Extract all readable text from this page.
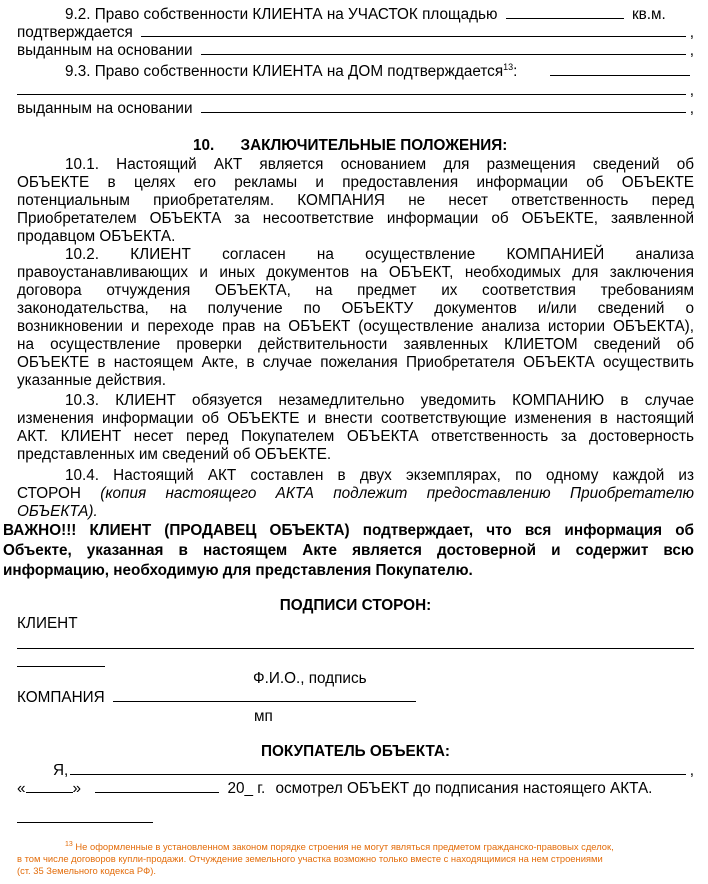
9.2. Право собственности КЛИЕНТА на УЧАСТОК площадью	кв.м.
подтверждается	,
выданным на основании	,
9.3. Право собственности КЛИЕНТА на ДОМ подтверждается$^{13}$:
,
выданным на основании	,
10. ЗАКЛЮЧИТЕЛЬНЫЕ ПОЛОЖЕНИЯ:
10.1. Настоящий АКТ является основанием для размещения сведений об
ОБЪЕКТЕ в целях его рекламы и предоставления информации об ОБЪЕКТЕ
потенциальным приобретателям. КОМПАНИЯ не несет ответственность перед
Приобретателем ОБЪЕКТА за несоответствие информации об ОБЪЕКТЕ, заявленной
продавцом ОБЪЕКТА.
10.2. КЛИЕНТ согласен на осуществление КОМПАНИЕЙ анализа
правоустанавливающих и иных документов на ОБЪЕКТ, необходимых для заключения
договора отчуждения ОБЪЕКТА, на предмет их соответствия требованиям
законодательства, на получение по ОБЪЕКТУ документов и/или сведений о
возникновении и переходе прав на ОБЪЕКТ (осуществление анализа истории ОБЪЕКТА),
на осуществление проверки действительности заявленных КЛИЕТОМ сведений об
ОБЪЕКТЕ в настоящем Акте, в случае пожелания Приобретателя ОБЪЕКТА осуществить
указанные действия.
10.3. КЛИЕНТ обязуется незамедлительно уведомить КОМПАНИЮ в случае
изменения информации об ОБЪЕКТЕ и внести соответствующие изменения в настоящий
АКТ. КЛИЕНТ несет перед Покупателем ОБЪЕКТА ответственность за достоверность
представленных им сведений об ОБЪЕКТЕ.
10.4. Настоящий АКТ составлен в двух экземплярах, по одному каждой из
СТОРОН (копия настоящего АКТА подлежит предоставлению Приобретателю
ОБЪЕКТА).
ВАЖНО!!! КЛИЕНТ (ПРОДАВЕЦ ОБЪЕКТА) подтверждает, что вся информация об
Объекте, указанная в настоящем Акте является достоверной и содержит всю
информацию, необходимую для представления Покупателю.
ПОДПИСИ СТОРОН:
КЛИЕНТ
Ф.И.О., подпись
КОМПАНИЯ
мп
ПОКУПАТЕЛЬ ОБЪЕКТА:
Я,	,
«	»	20_ г. осмотрел ОБЪЕКТ до подписания настоящего АКТА.
$^{13}$ Не оформленные в установленном законом порядке строения не могут являться предметом гражданско-правовых сделок,
в том числе договоров купли-продажи. Отчуждение земельного участка возможно только вместе с находящимися на нем строениями
(ст. 35 Земельного кодекса РФ).
